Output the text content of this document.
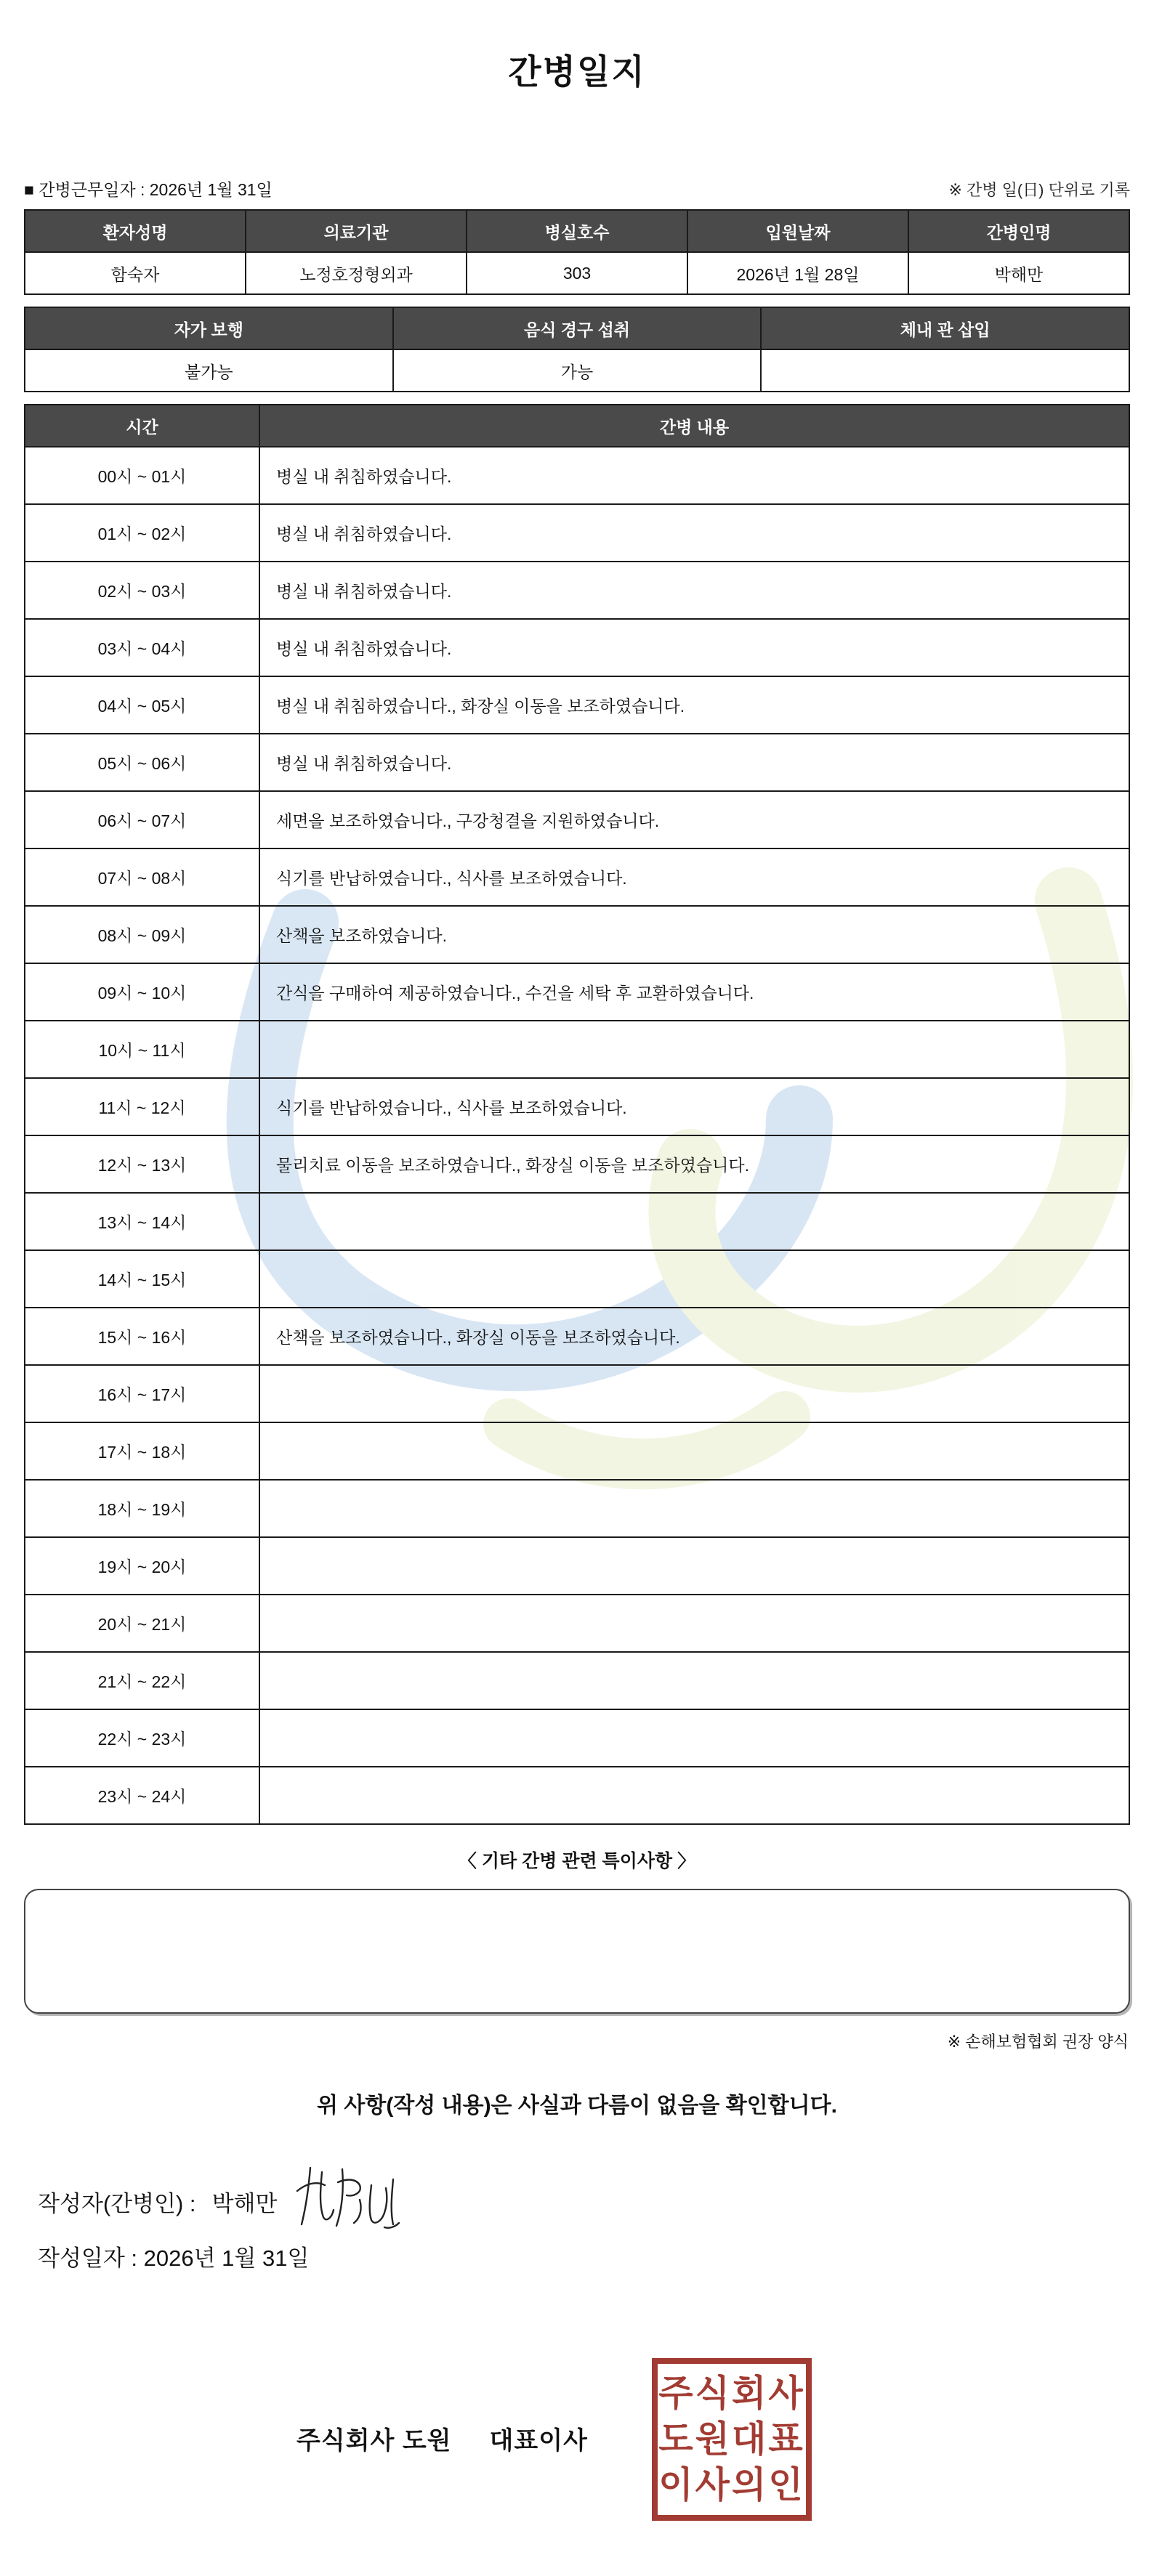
간병일지
■ 간병근무일자 : 2026년 1월 31일	※ 간병 일(日) 단위로 기록
환자성명	의료기관	병실호수	입원날짜	간병인명
함숙자	노정호정형외과	303	2026년 1월 28일	박해만
자가 보행	음식 경구 섭취	체내 관 삽입
불가능	가능	
시간	간병 내용
00시 ~ 01시	병실 내 취침하였습니다.
01시 ~ 02시	병실 내 취침하였습니다.
02시 ~ 03시	병실 내 취침하였습니다.
03시 ~ 04시	병실 내 취침하였습니다.
04시 ~ 05시	병실 내 취침하였습니다., 화장실 이동을 보조하였습니다.
05시 ~ 06시	병실 내 취침하였습니다.
06시 ~ 07시	세면을 보조하였습니다., 구강청결을 지원하였습니다.
07시 ~ 08시	식기를 반납하였습니다., 식사를 보조하였습니다.
08시 ~ 09시	산책을 보조하였습니다.
09시 ~ 10시	간식을 구매하여 제공하였습니다., 수건을 세탁 후 교환하였습니다.
10시 ~ 11시	
11시 ~ 12시	식기를 반납하였습니다., 식사를 보조하였습니다.
12시 ~ 13시	물리치료 이동을 보조하였습니다., 화장실 이동을 보조하였습니다.
13시 ~ 14시	
14시 ~ 15시	
15시 ~ 16시	산책을 보조하였습니다., 화장실 이동을 보조하였습니다.
16시 ~ 17시	
17시 ~ 18시	
18시 ~ 19시	
19시 ~ 20시	
20시 ~ 21시	
21시 ~ 22시	
22시 ~ 23시	
23시 ~ 24시	
〈 기타 간병 관련 특이사항 〉
※ 손해보험협회 권장 양식
위 사항(작성 내용)은 사실과 다름이 없음을 확인합니다.
작성자(간병인) : 박해만
작성일자 : 2026년 1월 31일
주식회사 도원 대표이사
주식회사
도원대표
이사의인
